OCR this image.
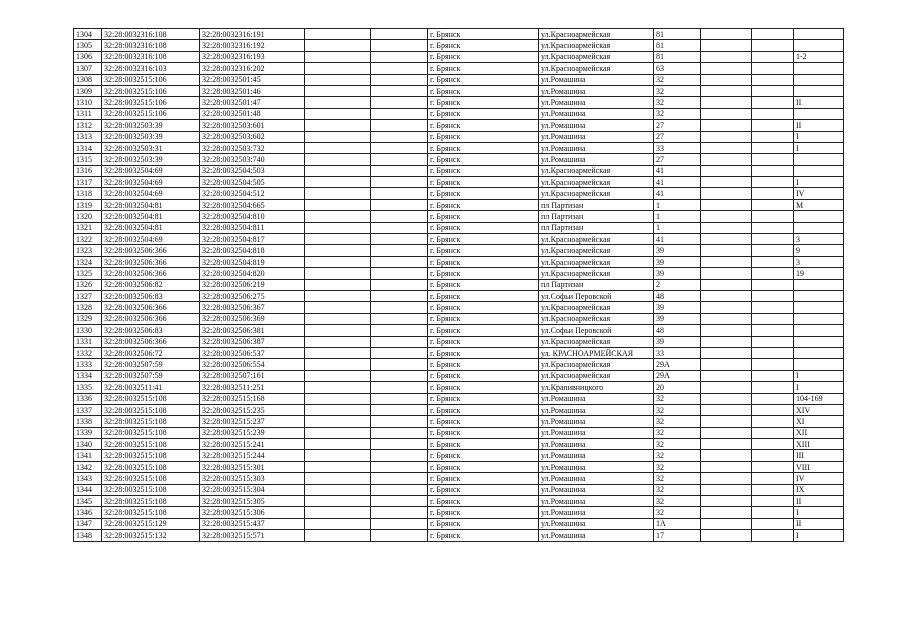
1304	32:28:0032316:108	32:28:0032316:191			г. Брянск	ул.Красноармейская	81			
1305	32:28:0032316:108	32:28:0032316:192			г. Брянск	ул.Красноармейская	81			
1306	32:28:0032316:108	32:28:0032316:193			г. Брянск	ул.Красноармейская	81			1-2
1307	32:28:0032316:103	32:28:0032316:202			г. Брянск	ул.Красноармейская	63			
1308	32:28:0032515:106	32:28:0032501:45			г. Брянск	ул.Ромашина	32			
1309	32:28:0032515:106	32:28:0032501:46			г. Брянск	ул.Ромашина	32			
1310	32:28:0032515:106	32:28:0032501:47			г. Брянск	ул.Ромашина	32			II
1311	32:28:0032515:106	32:28:0032501:48			г. Брянск	ул.Ромашина	32			
1312	32:28:0032503:39	32:28:0032503:601			г. Брянск	ул.Ромашина	27			II
1313	32:28:0032503:39	32:28:0032503:602			г. Брянск	ул.Ромашина	27			I
1314	32:28:0032503:31	32:28:0032503:732			г. Брянск	ул.Ромашина	33			I
1315	32:28:0032503:39	32:28:0032503:740			г. Брянск	ул.Ромашина	27			
1316	32:28:0032504:69	32:28:0032504:503			г. Брянск	ул.Красноармейская	41			
1317	32:28:0032504:69	32:28:0032504:505			г. Брянск	ул.Красноармейская	41			I
1318	32:28:0032504:69	32:28:0032504:512			г. Брянск	ул.Красноармейская	41			IV
1319	32:28:0032504:81	32:28:0032504:665			г. Брянск	пл Партизан	1			М
1320	32:28:0032504:81	32:28:0032504:810			г. Брянск	пл Партизан	1			
1321	32:28:0032504:81	32:28:0032504:811			г. Брянск	пл Партизан	1			
1322	32:28:0032504:69	32:28:0032504:817			г. Брянск	ул.Красноармейская	41			3
1323	32:28:0032506:366	32:28:0032504:818			г. Брянск	ул.Красноармейская	39			9
1324	32:28:0032506:366	32:28:0032504:819			г. Брянск	ул.Красноармейская	39			3
1325	32:28:0032506:366	32:28:0032504:820			г. Брянск	ул.Красноармейская	39			19
1326	32:28:0032506:82	32:28:0032506:219			г. Брянск	пл Партизан	2			
1327	32:28:0032506:83	32:28:0032506:275			г. Брянск	ул.Софьи Перовской	48			
1328	32:28:0032506:366	32:28:0032506:367			г. Брянск	ул.Красноармейская	39			
1329	32:28:0032506:366	32:28:0032506:369			г. Брянск	ул.Красноармейская	39			
1330	32:28:0032506:83	32:28:0032506:381			г. Брянск	ул.Софьи Перовской	48			
1331	32:28:0032506:366	32:28:0032506:387			г. Брянск	ул.Красноармейская	39			
1332	32:28:0032506:72	32:28:0032506:537			г. Брянск	ул. КРАСНОАРМЕЙСКАЯ	33			
1333	32:28:0032507:59	32:28:0032506:554			г. Брянск	ул.Красноармейская	29А			
1334	32:28:0032507:59	32:28:0032507:161			г. Брянск	ул.Красноармейская	29А			I
1335	32:28:0032511:41	32:28:0032511:251			г. Брянск	ул.Крапивницкого	20			I
1336	32:28:0032515:108	32:28:0032515:168			г. Брянск	ул.Ромашина	32			104-169
1337	32:28:0032515:108	32:28:0032515:235			г. Брянск	ул.Ромашина	32			XIV
1338	32:28:0032515:108	32:28:0032515:237			г. Брянск	ул.Ромашина	32			XI
1339	32:28:0032515:108	32:28:0032515:239			г. Брянск	ул.Ромашина	32			XII
1340	32:28:0032515:108	32:28:0032515:241			г. Брянск	ул.Ромашина	32			XIII
1341	32:28:0032515:108	32:28:0032515:244			г. Брянск	ул.Ромашина	32			III
1342	32:28:0032515:108	32:28:0032515:301			г. Брянск	ул.Ромашина	32			VIII
1343	32:28:0032515:108	32:28:0032515:303			г. Брянск	ул.Ромашина	32			IV
1344	32:28:0032515:108	32:28:0032515:304			г. Брянск	ул.Ромашина	32			IX
1345	32:28:0032515:108	32:28:0032515:305			г. Брянск	ул.Ромашина	32			II
1346	32:28:0032515:108	32:28:0032515:306			г. Брянск	ул.Ромашина	32			I
1347	32:28:0032515:129	32:28:0032515:437			г. Брянск	ул.Ромашина	1А			II
1348	32:28:0032515:132	32:28:0032515:571			г. Брянск	ул.Ромашина	17			I
